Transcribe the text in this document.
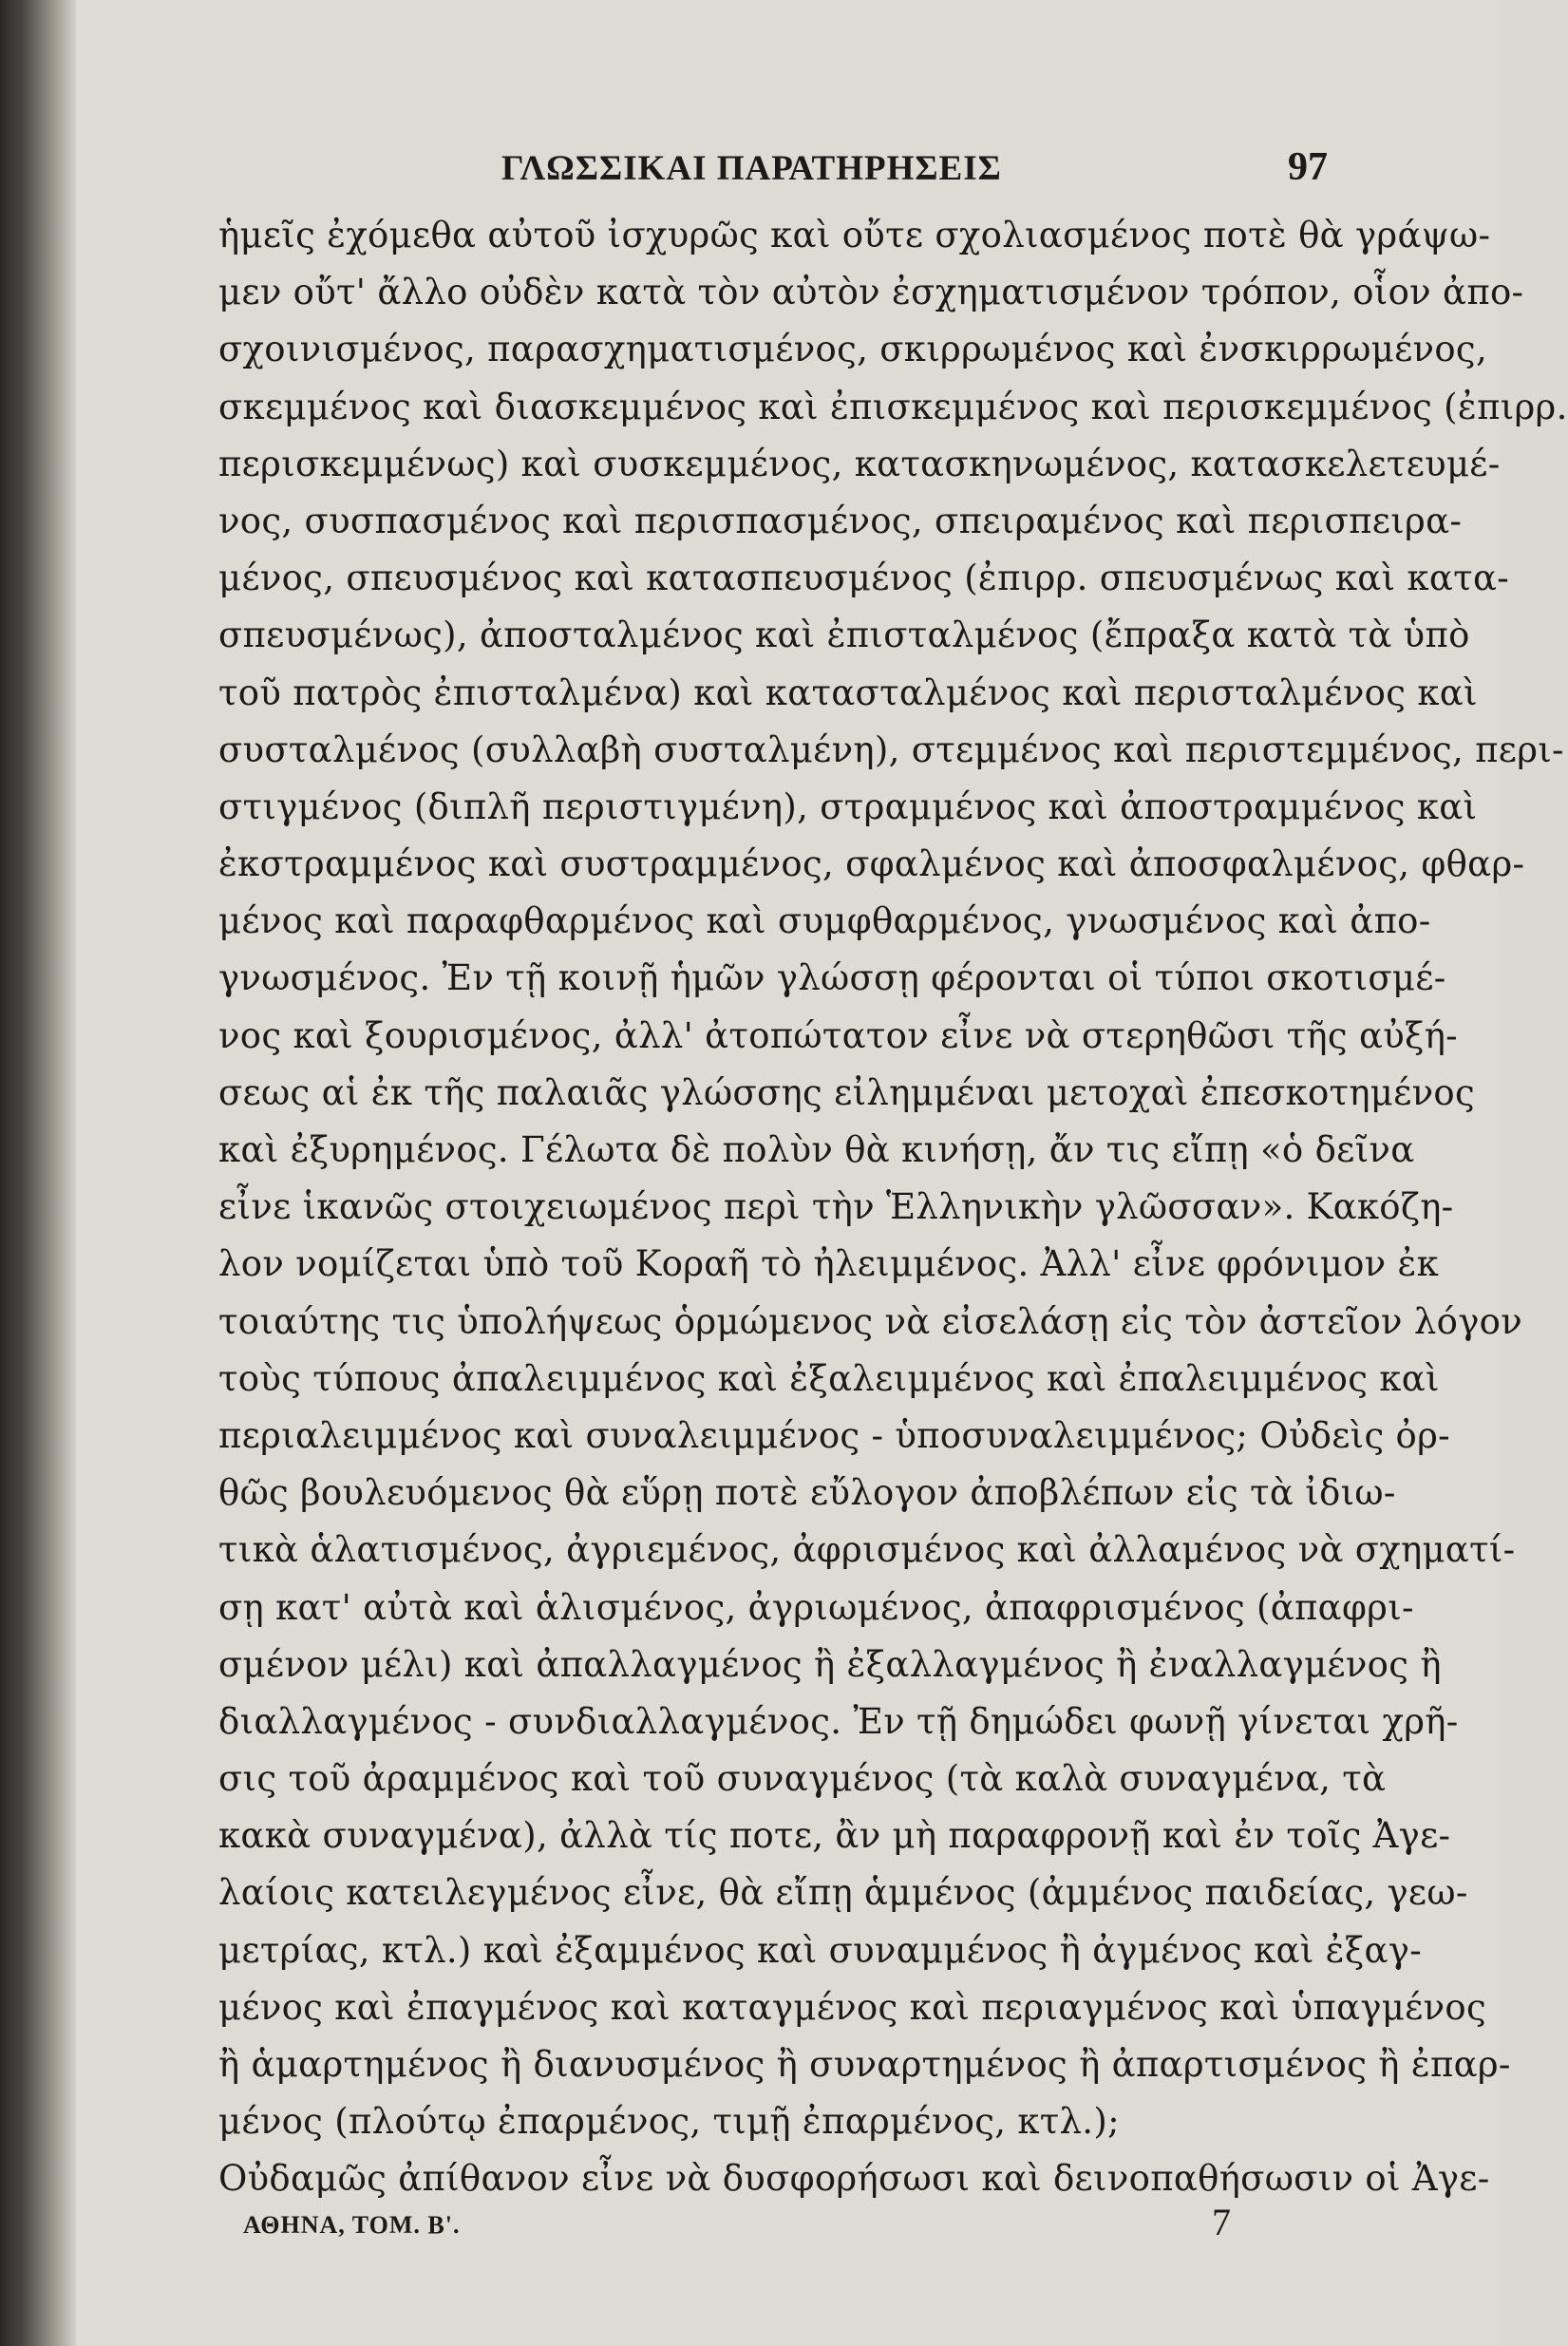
ΓΛΩΣΣΙΚΑΙ ΠΑΡΑΤΗΡΗΣΕΙΣ	97
ἡμεῖς ἐχόμεθα αὐτοῦ ἰσχυρῶς καὶ οὔτε σχολιασμένος ποτὲ θὰ γράψω-
μεν οὔτ' ἄλλο οὐδὲν κατὰ τὸν αὐτὸν ἐσχηματισμένον τρόπον, οἷον ἀπο-
σχοινισμένος, παρασχηματισμένος, σκιρρωμένος καὶ ἐνσκιρρωμένος,
σκεμμένος καὶ διασκεμμένος καὶ ἐπισκεμμένος καὶ περισκεμμένος (ἐπιρρ.
περισκεμμένως) καὶ συσκεμμένος, κατασκηνωμένος, κατασκελετευμέ-
νος, συσπασμένος καὶ περισπασμένος, σπειραμένος καὶ περισπειρα-
μένος, σπευσμένος καὶ κατασπευσμένος (ἐπιρρ. σπευσμένως καὶ κατα-
σπευσμένως), ἀποσταλμένος καὶ ἐπισταλμένος (ἔπραξα κατὰ τὰ ὑπὸ
τοῦ πατρὸς ἐπισταλμένα) καὶ κατασταλμένος καὶ περισταλμένος καὶ
συσταλμένος (συλλαβὴ συσταλμένη), στεμμένος καὶ περιστεμμένος, περι-
στιγμένος (διπλῆ περιστιγμένη), στραμμένος καὶ ἀποστραμμένος καὶ
ἐκστραμμένος καὶ συστραμμένος, σφαλμένος καὶ ἀποσφαλμένος, φθαρ-
μένος καὶ παραφθαρμένος καὶ συμφθαρμένος, γνωσμένος καὶ ἀπο-
γνωσμένος. Ἐν τῇ κοινῇ ἡμῶν γλώσσῃ φέρονται οἱ τύποι σκοτισμέ-
νος καὶ ξουρισμένος, ἀλλ' ἀτοπώτατον εἶνε νὰ στερηθῶσι τῆς αὐξή-
σεως αἱ ἐκ τῆς παλαιᾶς γλώσσης εἰλημμέναι μετοχαὶ ἐπεσκοτημένος
καὶ ἐξυρημένος. Γέλωτα δὲ πολὺν θὰ κινήσῃ, ἄν τις εἴπῃ «ὁ δεῖνα
εἶνε ἱκανῶς στοιχειωμένος περὶ τὴν Ἑλληνικὴν γλῶσσαν». Κακόζη-
λον νομίζεται ὑπὸ τοῦ Κοραῆ τὸ ἠλειμμένος. Ἀλλ' εἶνε φρόνιμον ἐκ
τοιαύτης τις ὑπολήψεως ὁρμώμενος νὰ εἰσελάσῃ εἰς τὸν ἀστεῖον λόγον
τοὺς τύπους ἀπαλειμμένος καὶ ἐξαλειμμένος καὶ ἐπαλειμμένος καὶ
περιαλειμμένος καὶ συναλειμμένος - ὑποσυναλειμμένος; Οὐδεὶς ὀρ-
θῶς βουλευόμενος θὰ εὕρῃ ποτὲ εὔλογον ἀποβλέπων εἰς τὰ ἰδιω-
τικὰ ἁλατισμένος, ἀγριεμένος, ἀφρισμένος καὶ ἀλλαμένος νὰ σχηματί-
σῃ κατ' αὐτὰ καὶ ἁλισμένος, ἀγριωμένος, ἀπαφρισμένος (ἀπαφρι-
σμένον μέλι) καὶ ἀπαλλαγμένος ἢ ἐξαλλαγμένος ἢ ἐναλλαγμένος ἢ
διαλλαγμένος - συνδιαλλαγμένος. Ἐν τῇ δημώδει φωνῇ γίνεται χρῆ-
σις τοῦ ἀραμμένος καὶ τοῦ συναγμένος (τὰ καλὰ συναγμένα, τὰ
κακὰ συναγμένα), ἀλλὰ τίς ποτε, ἂν μὴ παραφρονῇ καὶ ἐν τοῖς Ἀγε-
λαίοις κατειλεγμένος εἶνε, θὰ εἴπῃ ἁμμένος (ἀμμένος παιδείας, γεω-
μετρίας, κτλ.) καὶ ἐξαμμένος καὶ συναμμένος ἢ ἀγμένος καὶ ἐξαγ-
μένος καὶ ἐπαγμένος καὶ καταγμένος καὶ περιαγμένος καὶ ὑπαγμένος
ἢ ἁμαρτημένος ἢ διανυσμένος ἢ συναρτημένος ἢ ἀπαρτισμένος ἢ ἐπαρ-
μένος (πλούτῳ ἐπαρμένος, τιμῇ ἐπαρμένος, κτλ.);
Οὐδαμῶς ἀπίθανον εἶνε νὰ δυσφορήσωσι καὶ δεινοπαθήσωσιν οἱ Ἀγε-
ΑΘΗΝΑ, ΤΟΜ. Β'.	7
